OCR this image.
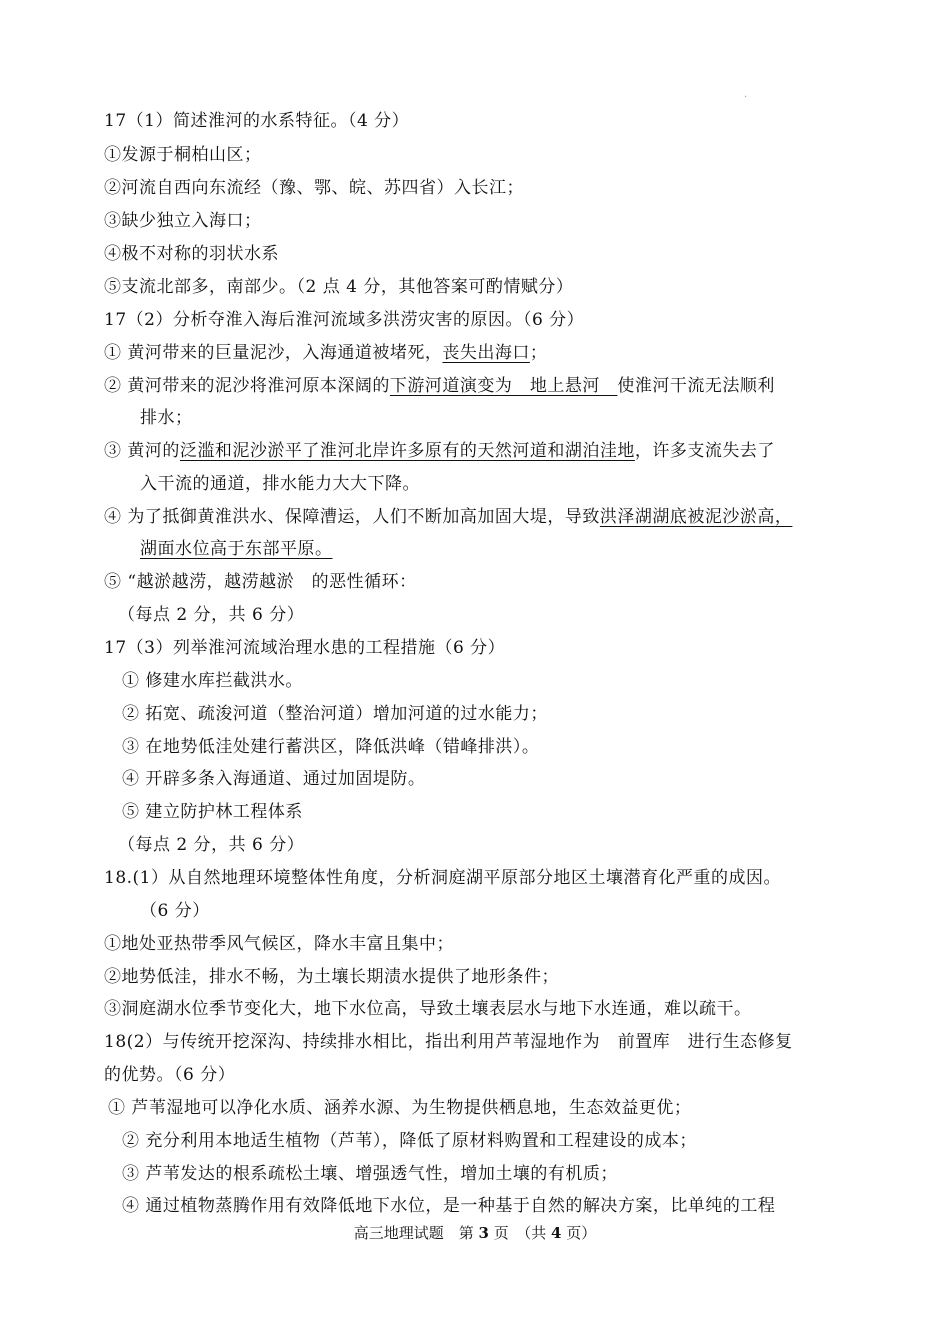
.
17（1）简述淮河的水系特征。（4 分）
①发源于桐柏山区；
②河流自西向东流经（豫、鄂、皖、苏四省）入长江；
③缺少独立入海口；
④极不对称的羽状水系
⑤支流北部多，南部少。（2 点 4 分，其他答案可酌情赋分）
17（2）分析夺淮入海后淮河流域多洪涝灾害的原因。（6 分）
① 黄河带来的巨量泥沙，入海通道被堵死，丧失出海口；
② 黄河带来的泥沙将淮河原本深阔的下游河道演变为　地上悬河　使淮河干流无法顺利
排水；
③ 黄河的泛滥和泥沙淤平了淮河北岸许多原有的天然河道和湖泊洼地，许多支流失去了
入干流的通道，排水能力大大下降。
④ 为了抵御黄淮洪水、保障漕运，人们不断加高加固大堤，导致洪泽湖湖底被泥沙淤高，
湖面水位高于东部平原。
⑤ “越淤越涝，越涝越淤　的恶性循环：
（每点 2 分，共 6 分）
17（3）列举淮河流域治理水患的工程措施（6 分）
① 修建水库拦截洪水。
② 拓宽、疏浚河道（整治河道）增加河道的过水能力；
③ 在地势低洼处建行蓄洪区，降低洪峰（错峰排洪）。
④ 开辟多条入海通道、通过加固堤防。
⑤ 建立防护林工程体系
（每点 2 分，共 6 分）
18.(1）从自然地理环境整体性角度，分析洞庭湖平原部分地区土壤潜育化严重的成因。
（6 分）
①地处亚热带季风气候区，降水丰富且集中；
②地势低洼，排水不畅，为土壤长期渍水提供了地形条件；
③洞庭湖水位季节变化大，地下水位高，导致土壤表层水与地下水连通，难以疏干。
18(2）与传统开挖深沟、持续排水相比，指出利用芦苇湿地作为　前置库　进行生态修复
的优势。（6 分）
① 芦苇湿地可以净化水质、涵养水源、为生物提供栖息地，生态效益更优；
② 充分利用本地适生植物（芦苇），降低了原材料购置和工程建设的成本；
③ 芦苇发达的根系疏松土壤、增强透气性，增加土壤的有机质；
④ 通过植物蒸腾作用有效降低地下水位，是一种基于自然的解决方案，比单纯的工程
高三地理试题　第 3 页　（共 4 页）
